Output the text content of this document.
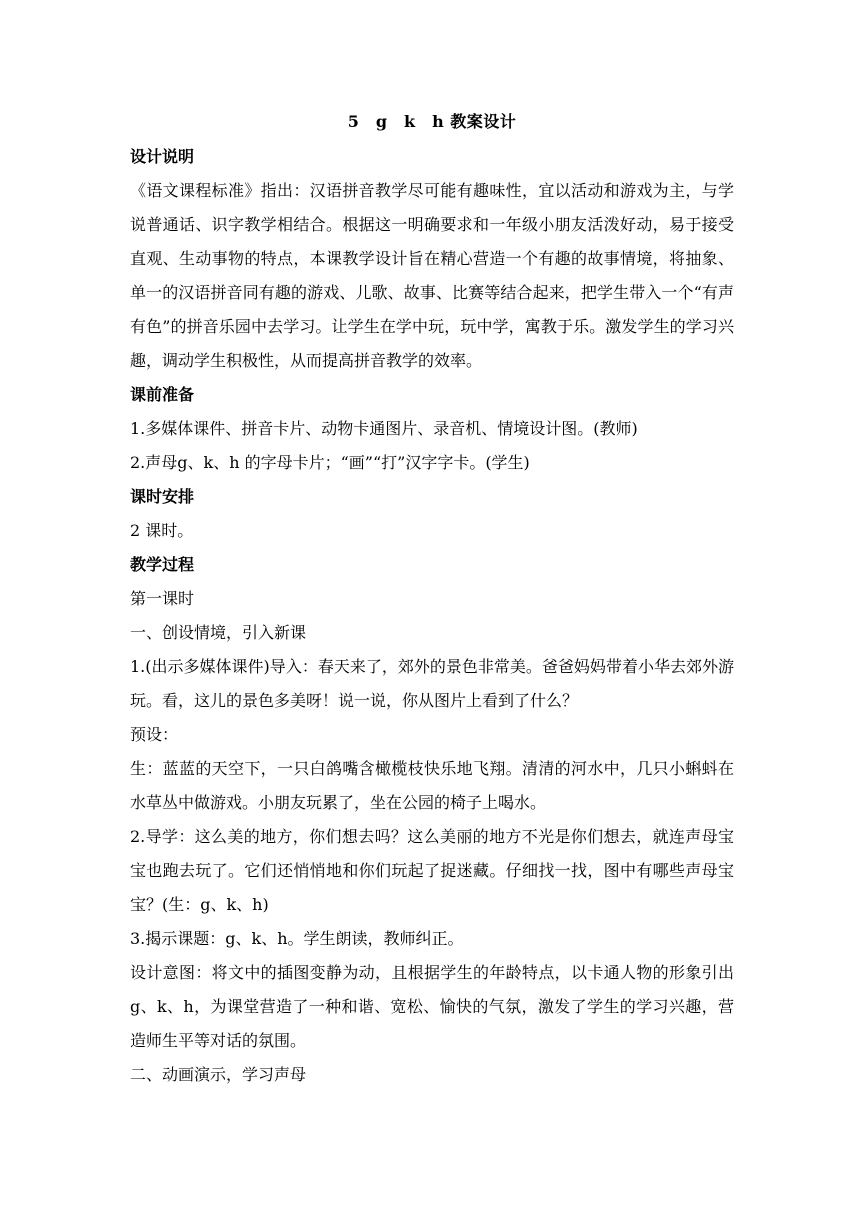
5　g　k　h 教案设计

设计说明

《语文课程标准》指出：汉语拼音教学尽可能有趣味性，宜以活动和游戏为主，与学说普通话、识字教学相结合。根据这一明确要求和一年级小朋友活泼好动，易于接受直观、生动事物的特点，本课教学设计旨在精心营造一个有趣的故事情境，将抽象、单一的汉语拼音同有趣的游戏、儿歌、故事、比赛等结合起来，把学生带入一个“有声有色”的拼音乐园中去学习。让学生在学中玩，玩中学，寓教于乐。激发学生的学习兴趣，调动学生积极性，从而提高拼音教学的效率。

课前准备

1.多媒体课件、拼音卡片、动物卡通图片、录音机、情境设计图。(教师)

2.声母g、k、h 的字母卡片；“画”“打”汉字字卡。(学生)

课时安排

2 课时。

教学过程

第一课时

一、创设情境，引入新课

1.(出示多媒体课件)导入：春天来了，郊外的景色非常美。爸爸妈妈带着小华去郊外游玩。看，这儿的景色多美呀！说一说，你从图片上看到了什么？

预设：

生：蓝蓝的天空下，一只白鸽嘴含橄榄枝快乐地飞翔。清清的河水中，几只小蝌蚪在水草丛中做游戏。小朋友玩累了，坐在公园的椅子上喝水。

2.导学：这么美的地方，你们想去吗？这么美丽的地方不光是你们想去，就连声母宝宝也跑去玩了。它们还悄悄地和你们玩起了捉迷藏。仔细找一找，图中有哪些声母宝宝？(生：g、k、h)

3.揭示课题：g、k、h。学生朗读，教师纠正。

设计意图：将文中的插图变静为动，且根据学生的年龄特点，以卡通人物的形象引出g、k、h，为课堂营造了一种和谐、宽松、愉快的气氛，激发了学生的学习兴趣，营造师生平等对话的氛围。

二、动画演示，学习声母
